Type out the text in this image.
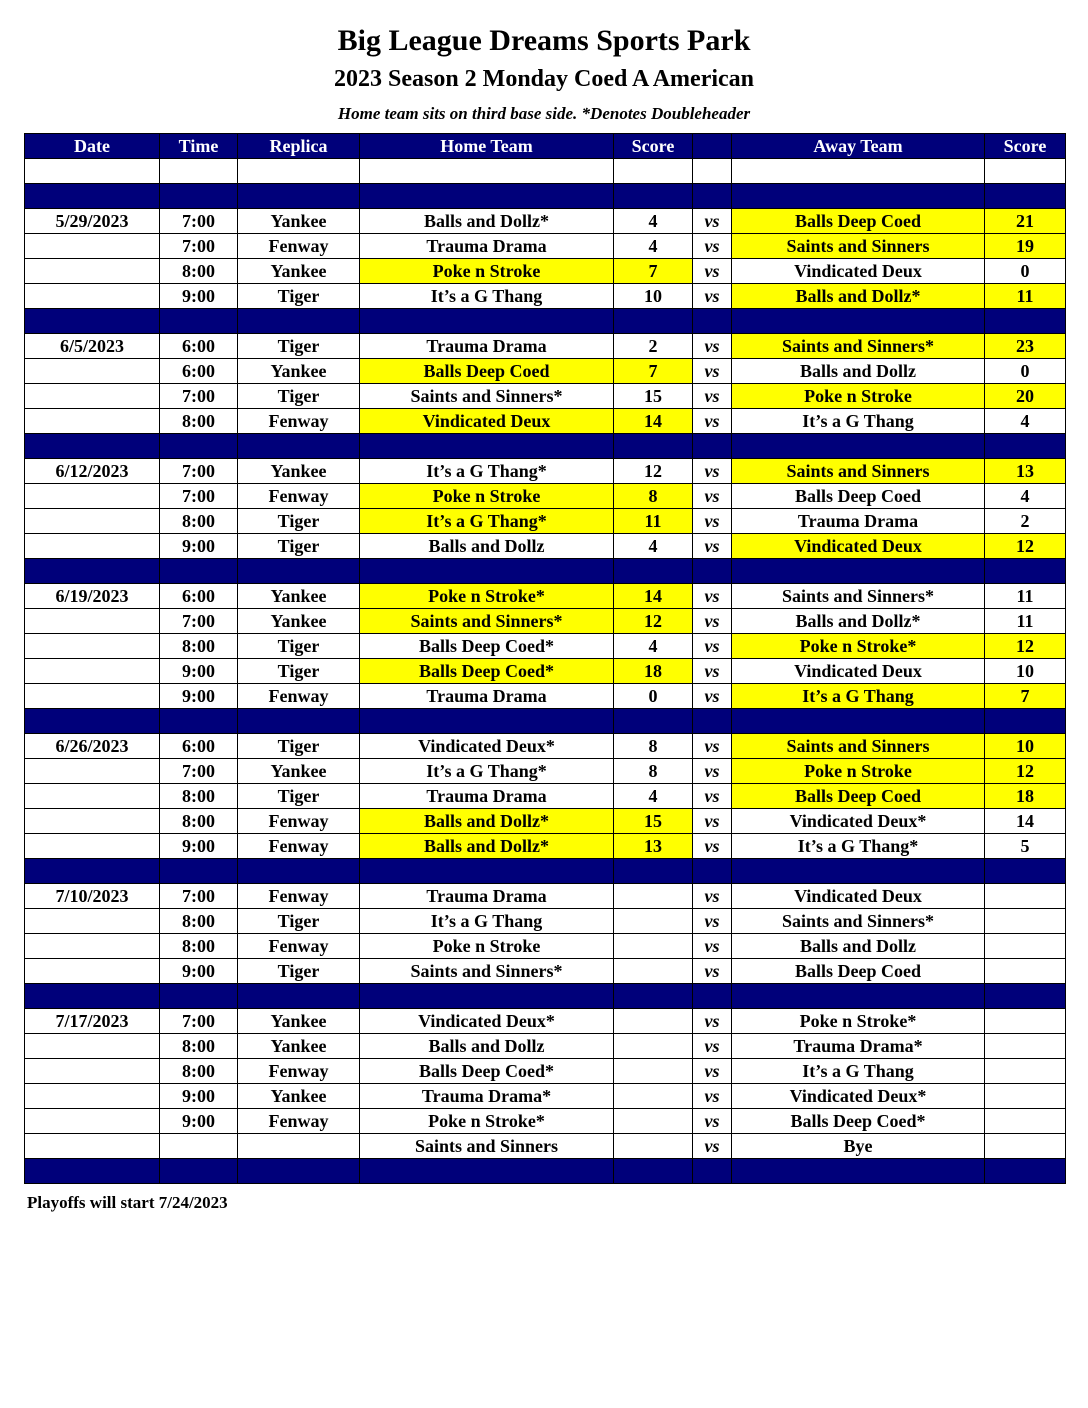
Big League Dreams Sports Park
2023 Season 2 Monday Coed A American
Home team sits on third base side. *Denotes Doubleheader
Date	Time	Replica	Home Team	Score		Away Team	Score

5/29/2023	7:00	Yankee	Balls and Dollz*	4	vs	Balls Deep Coed	21
	7:00	Fenway	Trauma Drama	4	vs	Saints and Sinners	19
	8:00	Yankee	Poke n Stroke	7	vs	Vindicated Deux	0
	9:00	Tiger	It’s a G Thang	10	vs	Balls and Dollz*	11

6/5/2023	6:00	Tiger	Trauma Drama	2	vs	Saints and Sinners*	23
	6:00	Yankee	Balls Deep Coed	7	vs	Balls and Dollz	0
	7:00	Tiger	Saints and Sinners*	15	vs	Poke n Stroke	20
	8:00	Fenway	Vindicated Deux	14	vs	It’s a G Thang	4

6/12/2023	7:00	Yankee	It’s a G Thang*	12	vs	Saints and Sinners	13
	7:00	Fenway	Poke n Stroke	8	vs	Balls Deep Coed	4
	8:00	Tiger	It’s a G Thang*	11	vs	Trauma Drama	2
	9:00	Tiger	Balls and Dollz	4	vs	Vindicated Deux	12

6/19/2023	6:00	Yankee	Poke n Stroke*	14	vs	Saints and Sinners*	11
	7:00	Yankee	Saints and Sinners*	12	vs	Balls and Dollz*	11
	8:00	Tiger	Balls Deep Coed*	4	vs	Poke n Stroke*	12
	9:00	Tiger	Balls Deep Coed*	18	vs	Vindicated Deux	10
	9:00	Fenway	Trauma Drama	0	vs	It’s a G Thang	7

6/26/2023	6:00	Tiger	Vindicated Deux*	8	vs	Saints and Sinners	10
	7:00	Yankee	It’s a G Thang*	8	vs	Poke n Stroke	12
	8:00	Tiger	Trauma Drama	4	vs	Balls Deep Coed	18
	8:00	Fenway	Balls and Dollz*	15	vs	Vindicated Deux*	14
	9:00	Fenway	Balls and Dollz*	13	vs	It’s a G Thang*	5

7/10/2023	7:00	Fenway	Trauma Drama		vs	Vindicated Deux	
	8:00	Tiger	It’s a G Thang		vs	Saints and Sinners*	
	8:00	Fenway	Poke n Stroke		vs	Balls and Dollz	
	9:00	Tiger	Saints and Sinners*		vs	Balls Deep Coed	

7/17/2023	7:00	Yankee	Vindicated Deux*		vs	Poke n Stroke*	
	8:00	Yankee	Balls and Dollz		vs	Trauma Drama*	
	8:00	Fenway	Balls Deep Coed*		vs	It’s a G Thang	
	9:00	Yankee	Trauma Drama*		vs	Vindicated Deux*	
	9:00	Fenway	Poke n Stroke*		vs	Balls Deep Coed*	
			Saints and Sinners		vs	Bye	

Playoffs will start 7/24/2023
